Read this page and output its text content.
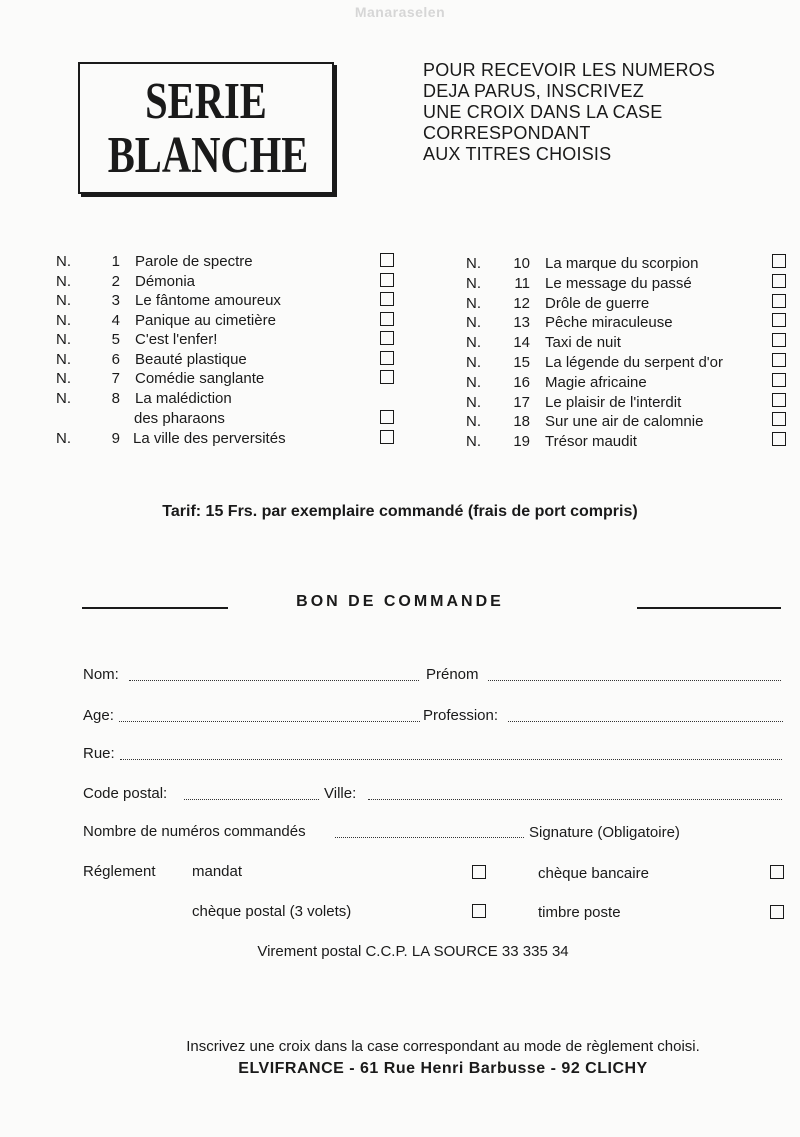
Manaraselen
SERIE
BLANCHE
POUR RECEVOIR LES NUMEROS
DEJA PARUS, INSCRIVEZ
UNE CROIX DANS LA CASE
CORRESPONDANT
AUX TITRES CHOISIS
N.	1 Parole de spectre
N.	2 Démonia
N.	3 Le fântome amoureux
N.	4 Panique au cimetière
N.	5 C'est l'enfer!
N.	6 Beauté plastique
N.	7 Comédie sanglante
N.	8 La malédiction
des pharaons
N.	9 La ville des perversités
N.	10 La marque du scorpion
N.	11 Le message du passé
N.	12 Drôle de guerre
N.	13 Pêche miraculeuse
N.	14 Taxi de nuit
N.	15 La légende du serpent d'or
N.	16 Magie africaine
N.	17 Le plaisir de l'interdit
N.	18 Sur une air de calomnie
N.	19 Trésor maudit
Tarif: 15 Frs. par exemplaire commandé (frais de port compris)
BON DE COMMANDE
Nom:	Prénom
Age:	Profession:
Rue:
Code postal:	Ville:
Nombre de numéros commandés	Signature (Obligatoire)
Réglement mandat	chèque bancaire
chèque postal (3 volets)	timbre poste
Virement postal C.C.P. LA SOURCE 33 335 34
Inscrivez une croix dans la case correspondant au mode de règlement choisi.
ELVIFRANCE - 61 Rue Henri Barbusse - 92 CLICHY
